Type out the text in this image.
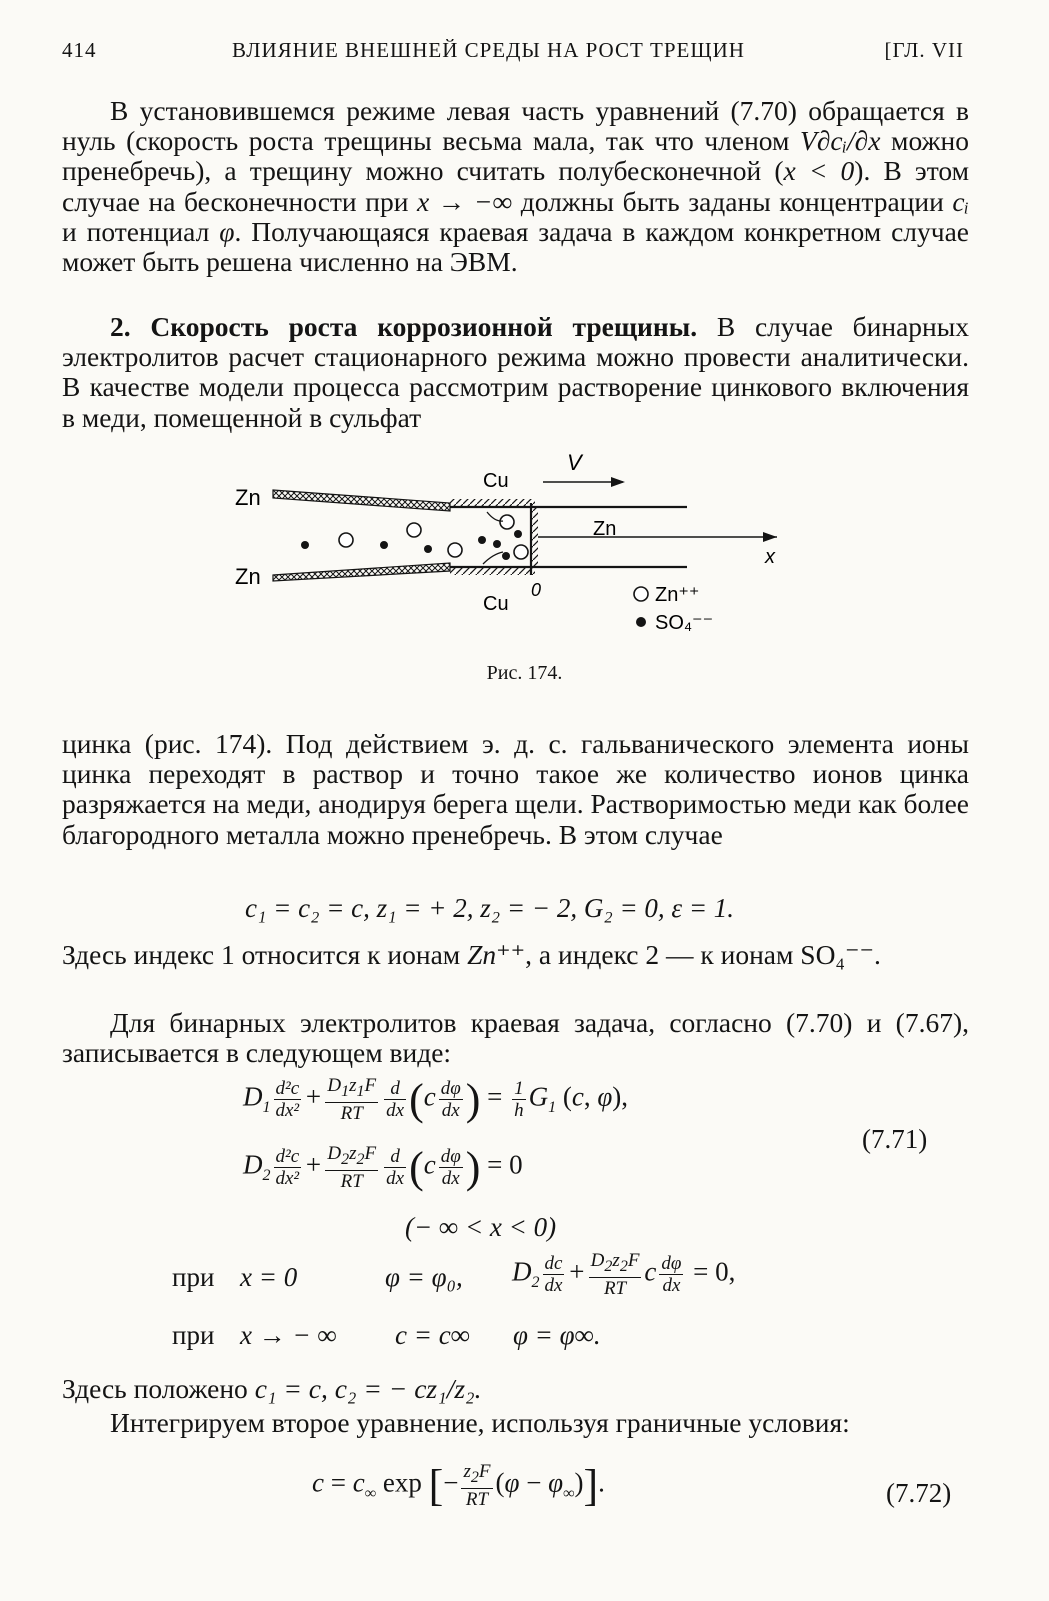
414	ВЛИЯНИЕ ВНЕШНЕЙ СРЕДЫ НА РОСТ ТРЕЩИН	[ГЛ. VII
В установившемся режиме левая часть уравнений (7.70) обращается в нуль (скорость роста трещины весьма мала, так что членом V∂cᵢ/∂x можно пренебречь), а трещину можно считать полубесконечной (x < 0). В этом случае на бесконечности при x → −∞ должны быть заданы концентрации cᵢ и потенциал φ. Получающаяся краевая задача в каждом конкретном случае может быть решена численно на ЭВМ.
2. Скорость роста коррозионной трещины. В случае бинарных электролитов расчет стационарного режима можно провести аналитически. В качестве модели процесса рассмотрим растворение цинкового включения в меди, помещенной в сульфат
Zn
Zn
x
Zn
Cu
Cu
0
V
Zn⁺⁺
SO₄⁻⁻
Рис. 174.
цинка (рис. 174). Под действием э. д. с. гальванического элемента ионы цинка переходят в раствор и точно такое же количество ионов цинка разряжается на меди, анодируя берега щели. Растворимостью меди как более благородного металла можно пренебречь. В этом случае
c₁ = c₂ = c, z₁ = + 2, z₂ = − 2, G₂ = 0, ε = 1.
Здесь индекс 1 относится к ионам Zn⁺⁺, а индекс 2 — к ионам SO₄⁻⁻.
Для бинарных электролитов краевая задача, согласно (7.70) и (7.67), записывается в следующем виде:
$D_1 \frac{\text{d²c}}{\text{dx²}} + \frac{D_1z_1F}{RT} \frac{d}{dx} (c \frac{d\varphi}{dx}$ ) = $\frac{1}{h} G_1$ (c, φ),
$D_2 \frac{\text{d²c}}{\text{dx²}} + \frac{D_2z_2F}{RT} \frac{d}{dx} (c \frac{d\varphi}{dx}$ ) = 0
(7.71)
(− ∞ < x < 0)
при x = 0	φ = φ₀, $D_2 \frac{dc}{dx} + \frac{D_2z_2F}{RT}$ c $\frac{d\varphi}{dx} = 0$,
при x → − ∞ c = c∞ φ = φ∞.
Здесь положено c₁ = c, c₂ = − cz₁/z₂.
Интегрируем второе уравнение, используя граничные условия:
$c = c_\infty$ exp [− $\frac{z_2F}{RT} (\varphi - \varphi_\infty)$].	(7.72)
